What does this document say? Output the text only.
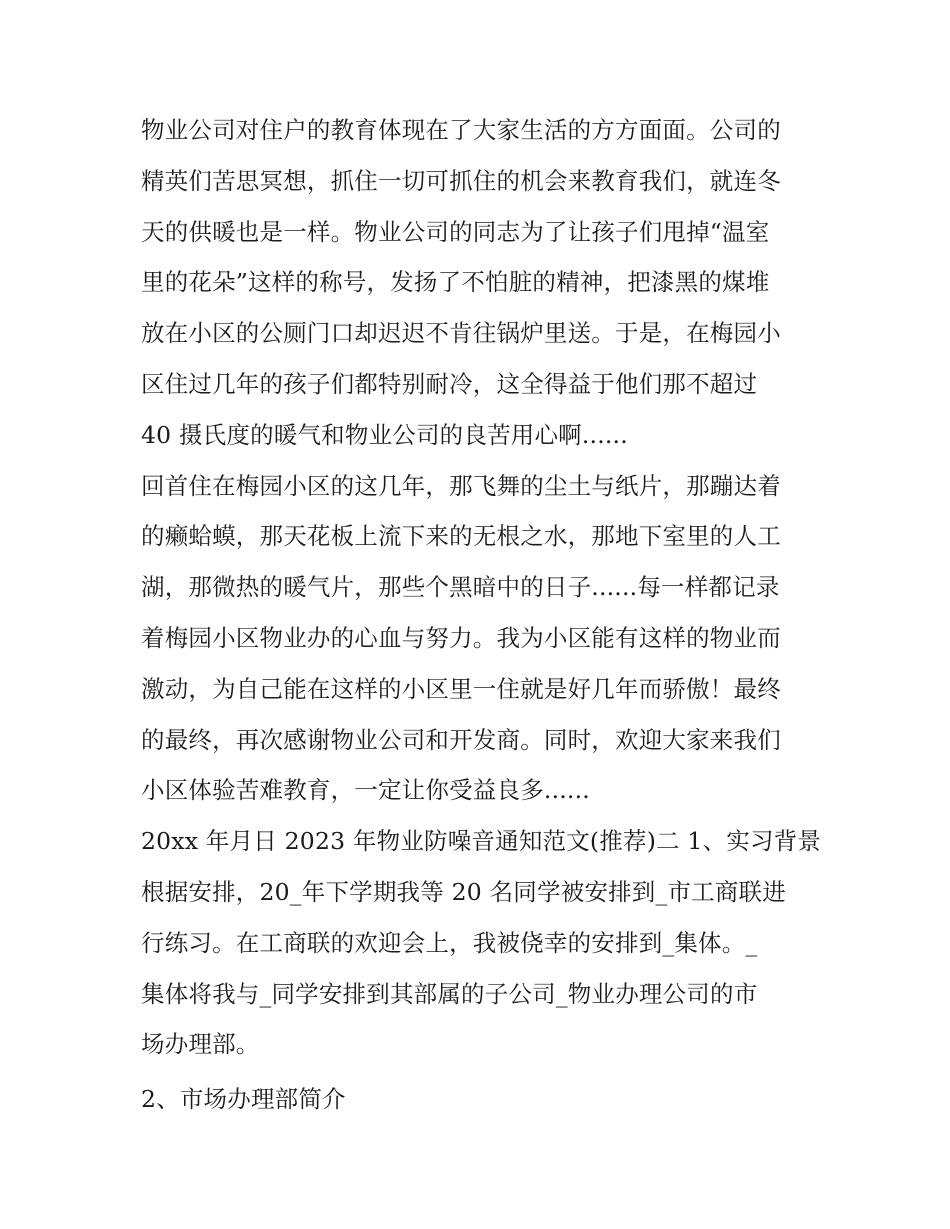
物业公司对住户的教育体现在了大家生活的方方面面。公司的
精英们苦思冥想，抓住一切可抓住的机会来教育我们，就连冬
天的供暖也是一样。物业公司的同志为了让孩子们甩掉“温室
里的花朵”这样的称号，发扬了不怕脏的精神，把漆黑的煤堆
放在小区的公厕门口却迟迟不肯往锅炉里送。于是，在梅园小
区住过几年的孩子们都特别耐冷，这全得益于他们那不超过
40 摄氏度的暖气和物业公司的良苦用心啊......
回首住在梅园小区的这几年，那飞舞的尘土与纸片，那蹦达着
的癞蛤蟆，那天花板上流下来的无根之水，那地下室里的人工
湖，那微热的暖气片，那些个黑暗中的日子......每一样都记录
着梅园小区物业办的心血与努力。我为小区能有这样的物业而
激动，为自己能在这样的小区里一住就是好几年而骄傲！最终
的最终，再次感谢物业公司和开发商。同时，欢迎大家来我们
小区体验苦难教育，一定让你受益良多......
20xx 年月日 2023 年物业防噪音通知范文(推荐)二 1、实习背景
根据安排，20_年下学期我等 20 名同学被安排到_市工商联进
行练习。在工商联的欢迎会上，我被侥幸的安排到_集体。_
集体将我与_同学安排到其部属的子公司_物业办理公司的市
场办理部。
2、市场办理部简介
